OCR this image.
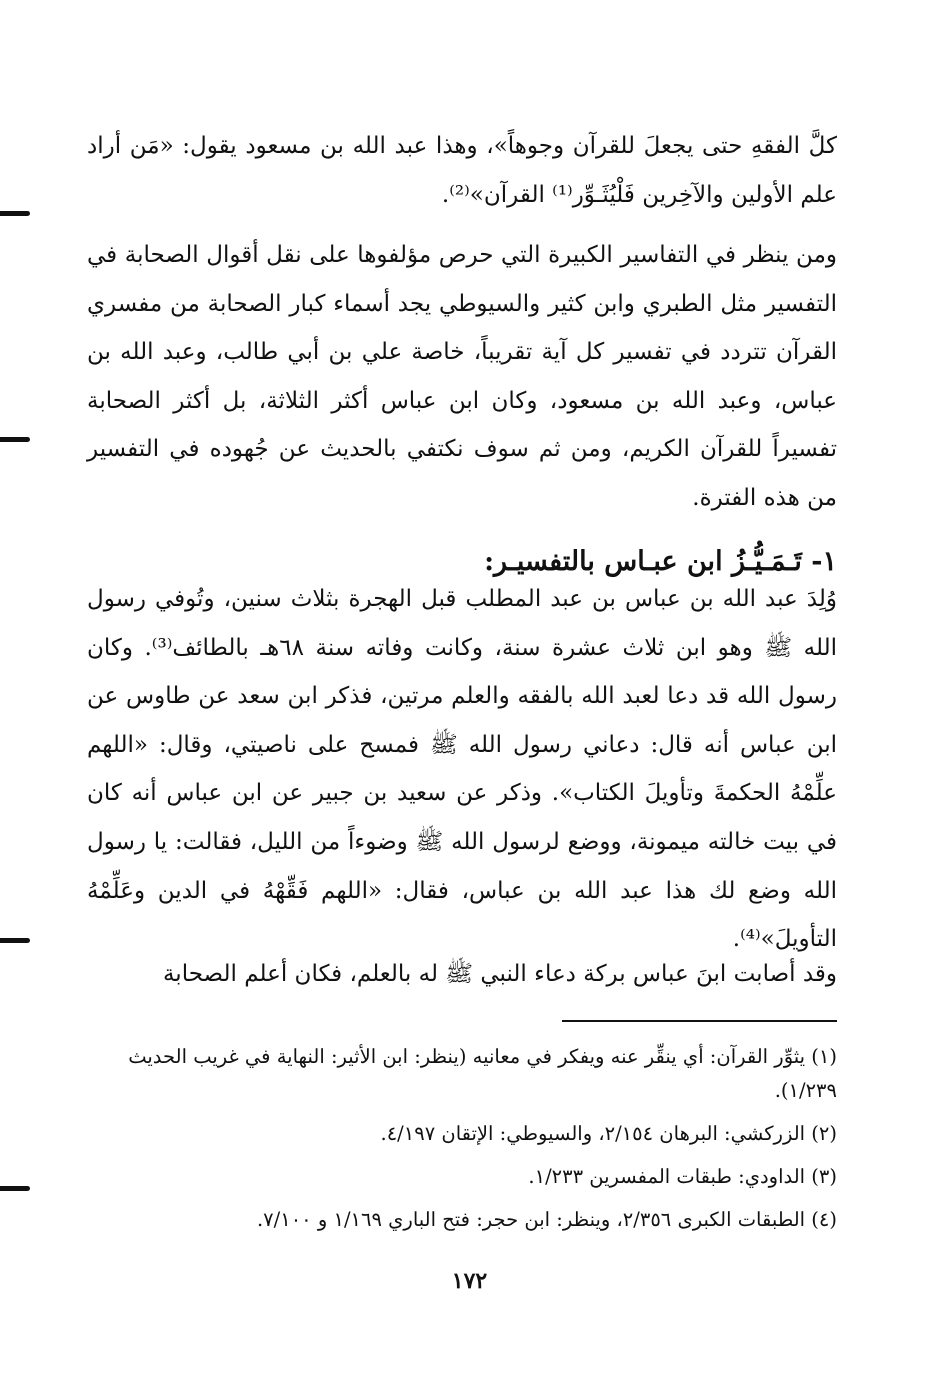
كلَّ الفقهِ حتى يجعلَ للقرآن وجوهاً»، وهذا عبد الله بن مسعود يقول: «مَن أراد علم الأولين والآخِرين فَلْيُثَـوِّر⁽¹⁾ القرآن»⁽²⁾.

ومن ينظر في التفاسير الكبيرة التي حرص مؤلفوها على نقل أقوال الصحابة في التفسير مثل الطبري وابن كثير والسيوطي يجد أسماء كبار الصحابة من مفسري القرآن تتردد في تفسير كل آية تقريباً، خاصة علي بن أبي طالب، وعبد الله بن عباس، وعبد الله بن مسعود، وكان ابن عباس أكثر الثلاثة، بل أكثر الصحابة تفسيراً للقرآن الكريم، ومن ثم سوف نكتفي بالحديث عن جُهوده في التفسير من هذه الفترة.

١- تَـمَـيُّـزُ ابن عبـاس بالتفسيـر:

وُلِدَ عبد الله بن عباس بن عبد المطلب قبل الهجرة بثلاث سنين، وتُوفي رسول الله ﷺ وهو ابن ثلاث عشرة سنة، وكانت وفاته سنة ٦٨هـ بالطائف⁽³⁾. وكان رسول الله قد دعا لعبد الله بالفقه والعلم مرتين، فذكر ابن سعد عن طاوس عن ابن عباس أنه قال: دعاني رسول الله ﷺ فمسح على ناصيتي، وقال: «اللهم علِّمْهُ الحكمةَ وتأويلَ الكتاب». وذكر عن سعيد بن جبير عن ابن عباس أنه كان في بيت خالته ميمونة، ووضع لرسول الله ﷺ وضوءاً من الليل، فقالت: يا رسول الله وضع لك هذا عبد الله بن عباس، فقال: «اللهم فَقِّهْهُ في الدين وعَلِّمْهُ التأويلَ»⁽⁴⁾.

وقد أصابت ابنَ عباس بركة دعاء النبي ﷺ له بالعلم، فكان أعلم الصحابة

(١) يثوِّر القرآن: أي ينقِّر عنه ويفكر في معانيه (ينظر: ابن الأثير: النهاية في غريب الحديث ١/٢٣٩).
(٢) الزركشي: البرهان ٢/١٥٤، والسيوطي: الإتقان ٤/١٩٧.
(٣) الداودي: طبقات المفسرين ١/٢٣٣.
(٤) الطبقات الكبرى ٢/٣٥٦، وينظر: ابن حجر: فتح الباري ١/١٦٩ و ٧/١٠٠.
١٧٢
